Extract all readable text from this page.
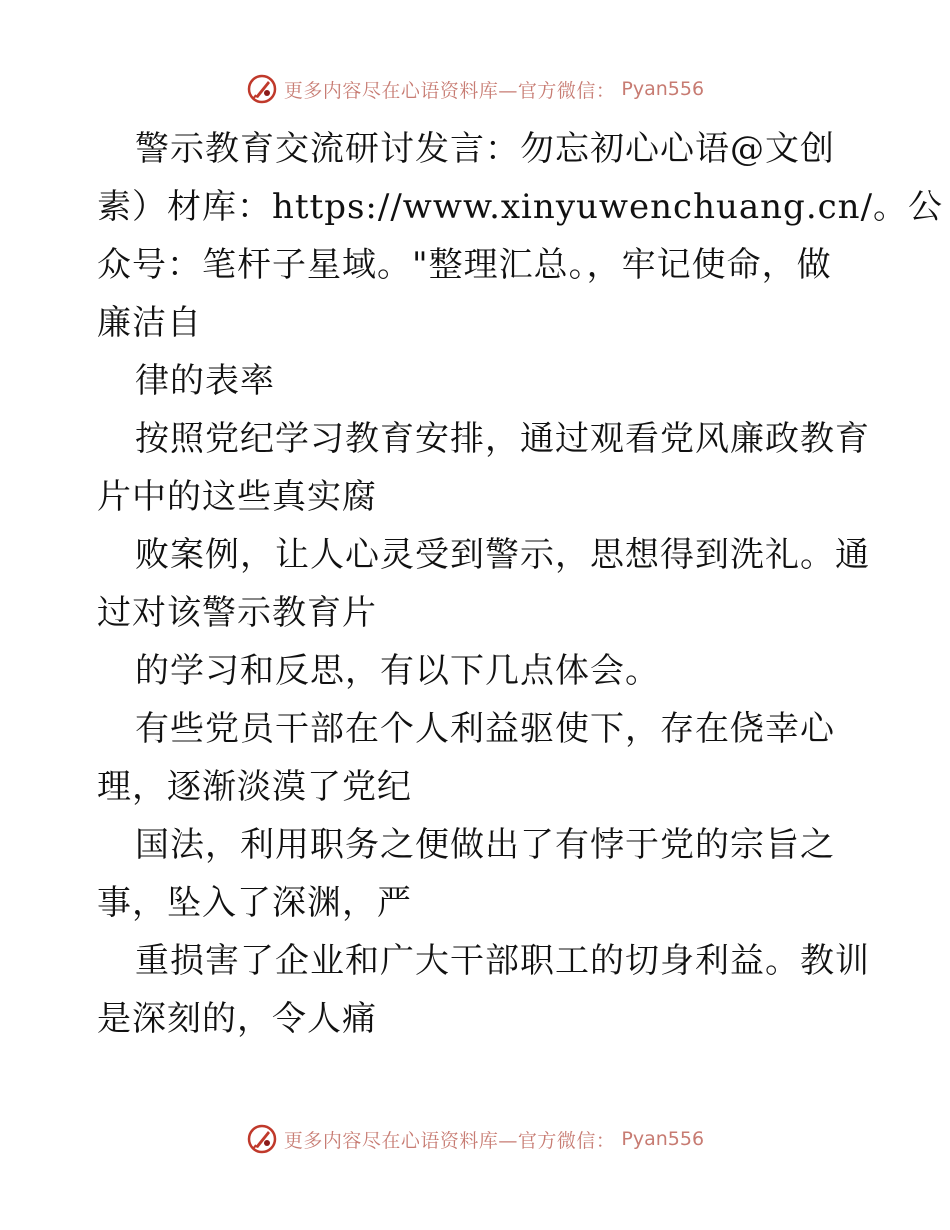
更多内容尽在心语资料库—官方微信： Pyan556
警示教育交流研讨发言：勿忘初心心语@文创
素）材库：https://www.xinyuwenchuang.cn/。公
众号：笔杆子星域。"整理汇总。，牢记使命，做
廉洁自
律的表率
按照党纪学习教育安排，通过观看党风廉政教育
片中的这些真实腐
败案例，让人心灵受到警示，思想得到洗礼。通
过对该警示教育片
的学习和反思，有以下几点体会。
有些党员干部在个人利益驱使下，存在侥幸心
理，逐渐淡漠了党纪
国法，利用职务之便做出了有悖于党的宗旨之
事，坠入了深渊，严
重损害了企业和广大干部职工的切身利益。教训
是深刻的，令人痛
更多内容尽在心语资料库—官方微信： Pyan556
